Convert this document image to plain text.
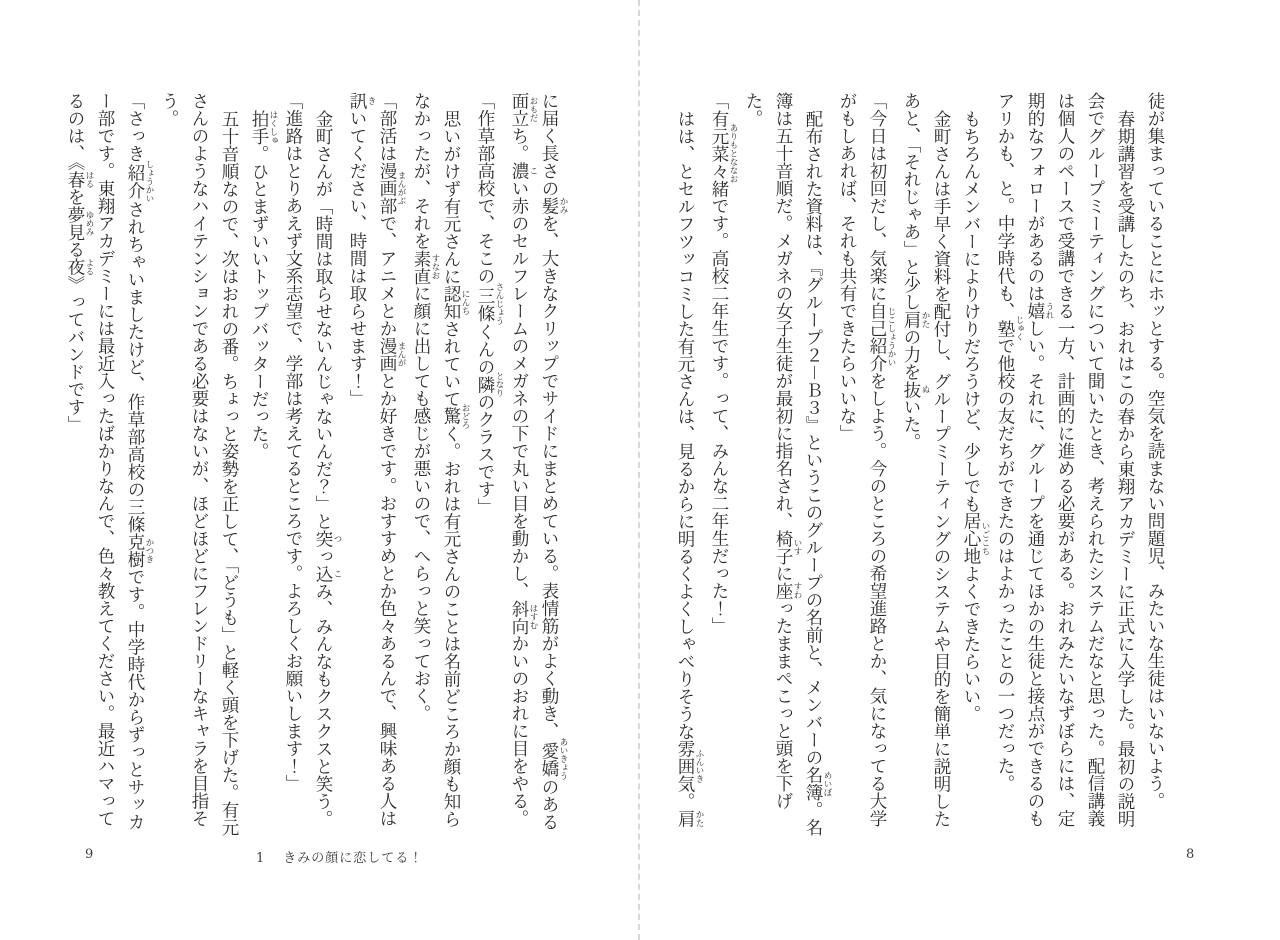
徒が集まっていることにホッとする。空気を読まない問題児、みたいな生徒はいないよう。

春期講習を受講したのち、おれはこの春から東翔アカデミーに正式に入学した。最初の説明会でグループミーティングについて聞いたとき、考えられたシステムだなと思った。配信講義は個人のペースで受講できる一方、計画的に進める必要がある。おれみたいなずぼらには、定期的なフォローがあるのは嬉 うれしい。それに、グループを通じてほかの生徒と接点ができるのもアリかも、と。中学時代も、塾 じゅくで他校の友だちができたのはよかったことの一つだった。

もちろんメンバーによりけりだろうけど、少しでも居心地 いごこちよくできたらいい。

金町さんは手早く資料を配付し、グループミーティングのシステムや目的を簡単に説明したあと、「それじゃあ」と少し肩 かたの力を抜 ぬいた。

「今日は初回だし、気楽に自己紹介 じこしょうかいをしよう。今のところの希望進路とか、気になってる大学がもしあれば、それも共有できたらいいな」

配布された資料は、『グループ２－Ｂ３』というこのグループの名前と、メンバーの名簿 めいぼ。名簿は五十音順だ。メガネの女子生徒が最初に指名され、椅子 いすに座 すわったままぺこっと頭を下げた。

「有元菜々緒 ありもとななおです。高校二年生です。って、みんな二年生だった！」

はは、とセルフツッコミした有元さんは、見るからに明るくよくしゃべりそうな雰囲気 ふんいき。肩 かた

に届く長さの髪 かみを、大きなクリップでサイドにまとめている。表情筋がよく動き、愛嬌 あいきょうのある面立 おもだち。濃 こい赤のセルフレームのメガネの下で丸い目を動かし、斜向 はすむかいのおれに目をやる。

「作草部高校で、そこの三條 さんじょうくんの隣 となりのクラスです」

思いがけず有元さんに認知 にんちされていて驚 おどろく。おれは有元さんのことは名前どころか顔も知らなかったが、それを素直 すなおに顔に出しても感じが悪いので、へらっと笑っておく。

「部活は漫画部 まんがぶで、アニメとか漫画 まんがとか好きです。おすすめとか色々あるんで、興味ある人は訊 きいてください、時間は取らせます！」

金町さんが「時間は取らせないんじゃないんだ？」と突 つっ込 こみ、みんなもクスクスと笑う。

「進路はとりあえず文系志望で、学部は考えてるところです。よろしくお願いします！」

拍手 はくしゅ。ひとまずいいトップバッターだった。

五十音順なので、次はおれの番。ちょっと姿勢を正して、「どうも」と軽く頭を下げた。有元さんのようなハイテンションである必要はないが、ほどほどにフレンドリーなキャラを目指そう。

「さっき紹介 しょうかいされちゃいましたけど、作草部高校の三條克樹 かつきです。中学時代からずっとサッカー部です。東翔アカデミーには最近入ったばかりなんで、色々教えてください。最近ハマってるのは、《春 はるを夢見 ゆめみる夜 よる》ってバンドです」

8
9	1 きみの顔に恋してる！
